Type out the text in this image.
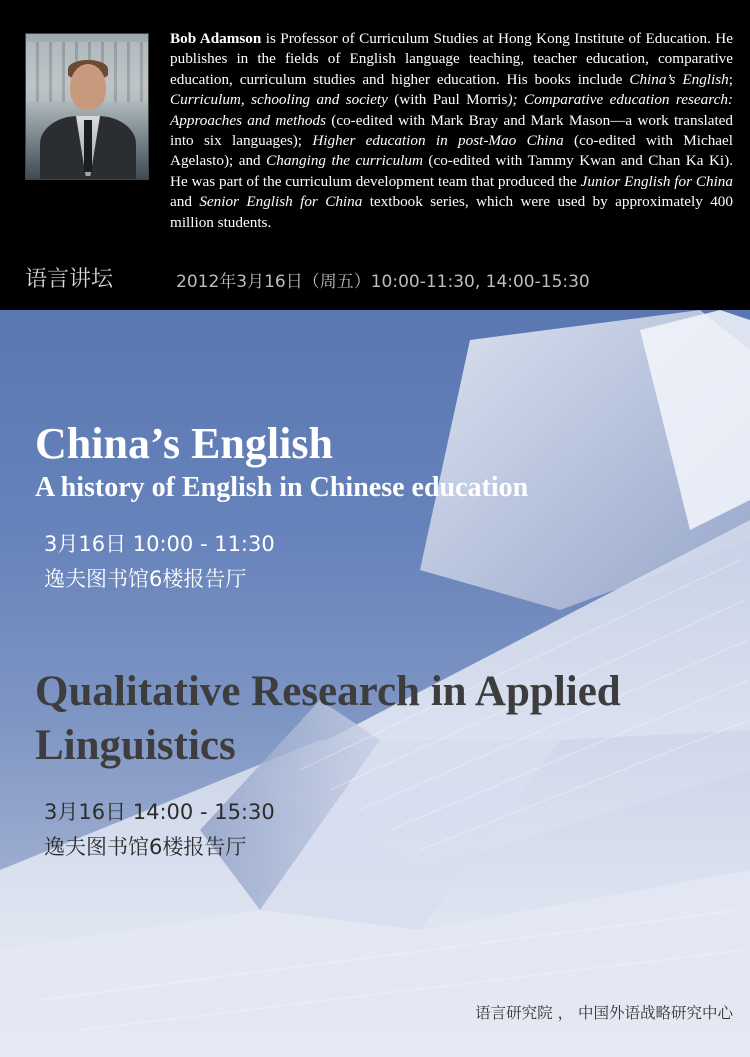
Bob Adamson is Professor of Curriculum Studies at Hong Kong Institute of Education. He publishes in the fields of English language teaching, teacher education, comparative education, curriculum studies and higher education. His books include China’s English; Curriculum, schooling and society (with Paul Morris); Comparative education research: Approaches and methods (co-edited with Mark Bray and Mark Mason—a work translated into six languages); Higher education in post-Mao China (co-edited with Michael Agelasto); and Changing the curriculum (co-edited with Tammy Kwan and Chan Ka Ki). He was part of the curriculum development team that produced the Junior English for China and Senior English for China textbook series, which were used by approximately 400 million students.
语言讲坛	2012年3月16日（周五）10:00-11:30, 14:00-15:30
China’s English
A history of English in Chinese education
3月16日 10:00 - 11:30
逸夫图书馆6楼报告厅
Qualitative Research in Applied Linguistics
3月16日 14:00 - 15:30
逸夫图书馆6楼报告厅
语言研究院 ， 中国外语战略研究中心
